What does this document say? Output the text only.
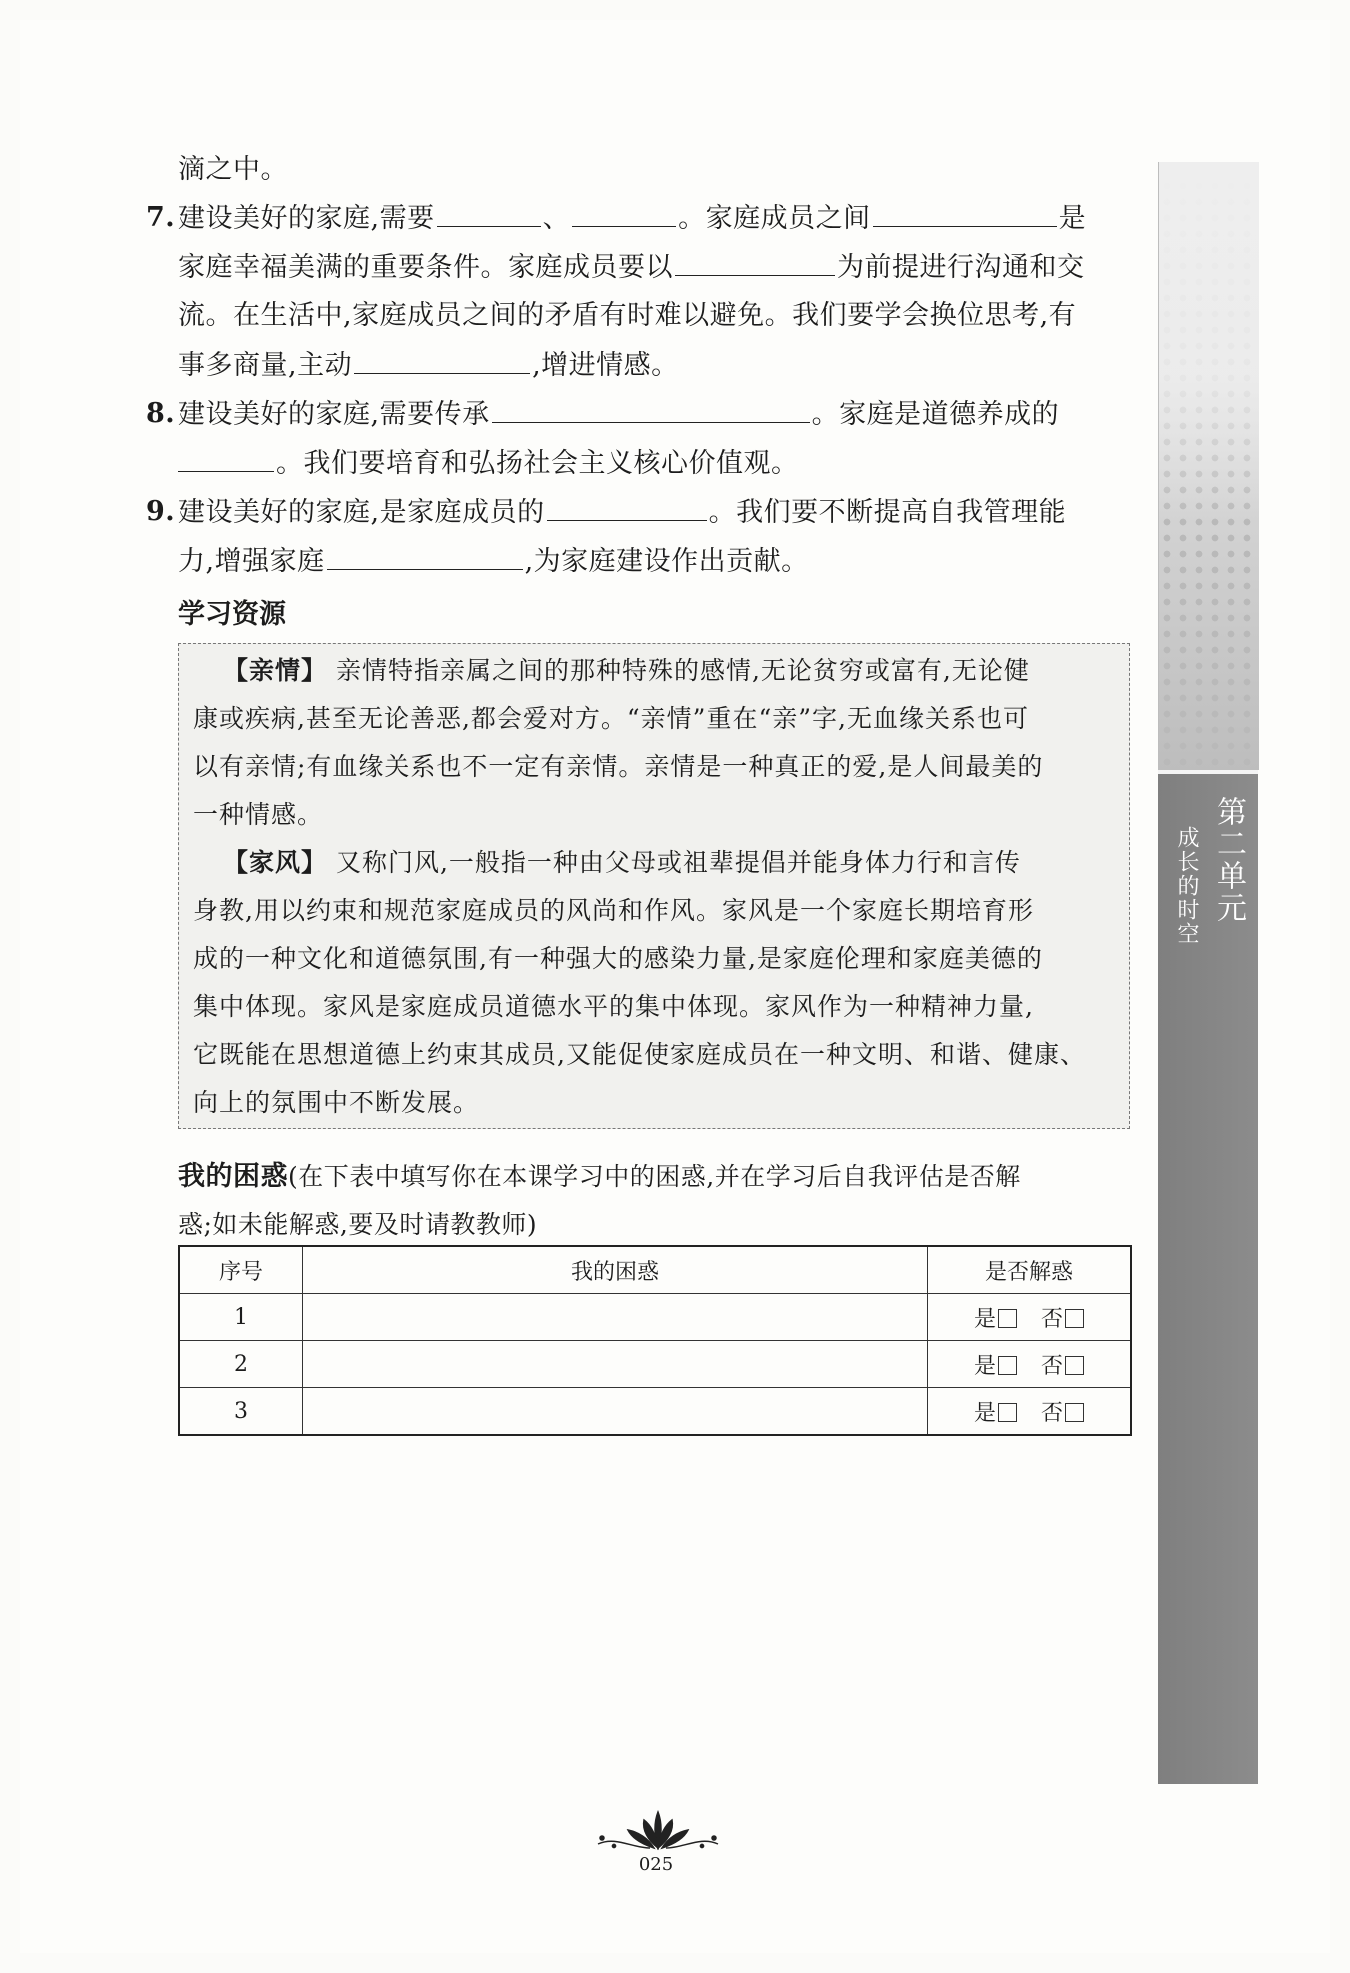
第二单元
成长的时空
滴之中。
7. 建设美好的家庭,需要	、	。家庭成员之间	是
家庭幸福美满的重要条件。家庭成员要以	为前提进行沟通和交
流。在生活中,家庭成员之间的矛盾有时难以避免。我们要学会换位思考,有
事多商量,主动	,增进情感。
8. 建设美好的家庭,需要传承	。家庭是道德养成的
。我们要培育和弘扬社会主义核心价值观。
9. 建设美好的家庭,是家庭成员的	。我们要不断提高自我管理能
力,增强家庭	,为家庭建设作出贡献。
学习资源
【亲情】 亲情特指亲属之间的那种特殊的感情,无论贫穷或富有,无论健
康或疾病,甚至无论善恶,都会爱对方。“亲情”重在“亲”字,无血缘关系也可
以有亲情;有血缘关系也不一定有亲情。亲情是一种真正的爱,是人间最美的
一种情感。
【家风】 又称门风,一般指一种由父母或祖辈提倡并能身体力行和言传
身教,用以约束和规范家庭成员的风尚和作风。家风是一个家庭长期培育形
成的一种文化和道德氛围,有一种强大的感染力量,是家庭伦理和家庭美德的
集中体现。家风是家庭成员道德水平的集中体现。家风作为一种精神力量,
它既能在思想道德上约束其成员,又能促使家庭成员在一种文明、和谐、健康、
向上的氛围中不断发展。
我的困惑(在下表中填写你在本课学习中的困惑,并在学习后自我评估是否解
惑;如未能解惑,要及时请教教师)
序号	我的困惑	是否解惑
1		是 否
2		是 否
3		是 否
025
